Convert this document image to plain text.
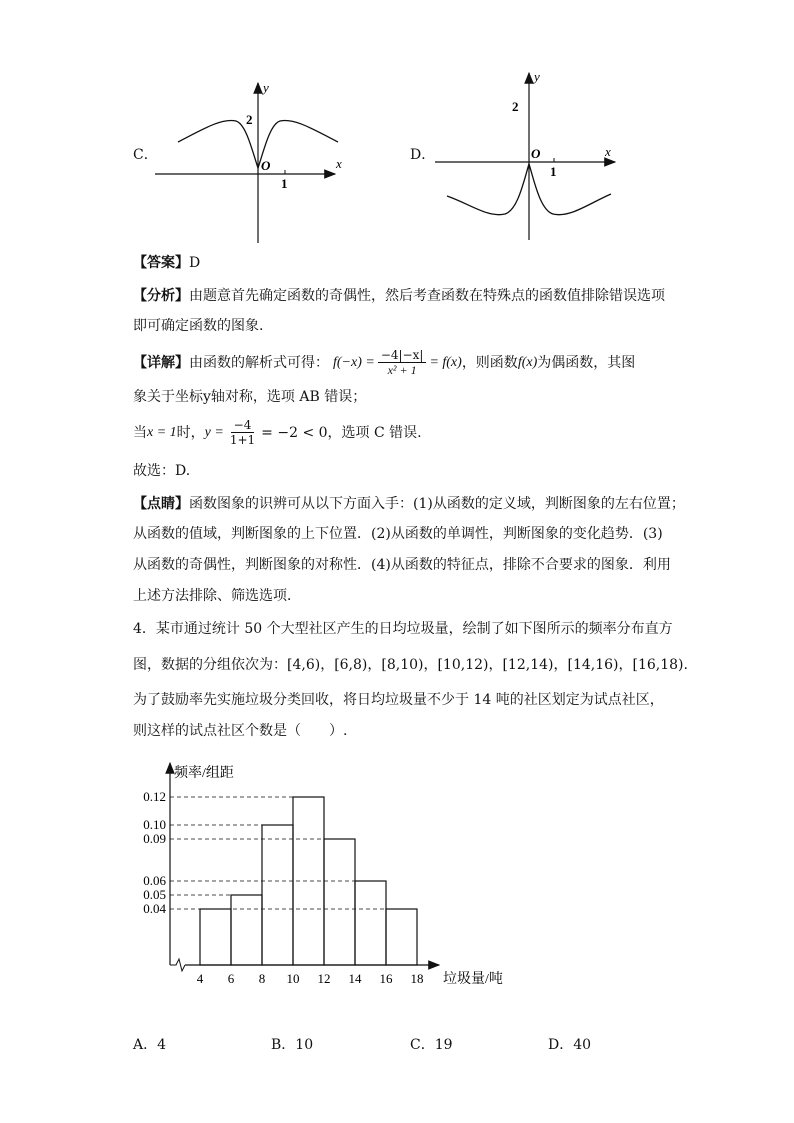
C．
y
x
2
O
1
D．
y
x
2
O
1
【答案】D
【分析】由题意首先确定函数的奇偶性，然后考查函数在特殊点的函数值排除错误选项
即可确定函数的图象.
【详解】 由函数的解析式可得： $f(-x) = \frac{-4|-x|}{\text{x² + 1}} = f(x)$ ，则函数 f(x) 为偶函数，其图
象关于坐标y轴对称，选项 AB 错误；
当 x = 1 时， $y = \frac{-4}{1+1} = -2 < 0$ ，选项 C 错误.
故选：D.
【点睛】函数图象的识辨可从以下方面入手：(1)从函数的定义域，判断图象的左右位置；
从函数的值域，判断图象的上下位置．(2)从函数的单调性，判断图象的变化趋势．(3)
从函数的奇偶性，判断图象的对称性．(4)从函数的特征点，排除不合要求的图象．利用
上述方法排除、筛选选项．
4．某市通过统计 50 个大型社区产生的日均垃圾量，绘制了如下图所示的频率分布直方
图，数据的分组依次为：[4,6)，[6,8)，[8,10)，[10,12)，[12,14)，[14,16)，[16,18).
为了鼓励率先实施垃圾分类回收，将日均垃圾量不少于 14 吨的社区划定为试点社区，
则这样的试点社区个数是（　　）.
0.12
0.10
0.09
0.06
0.05
0.04
4 6 8 10 12 14 16 18
频率/组距
垃圾量/吨
A．4	B．10	C．19	D．40
